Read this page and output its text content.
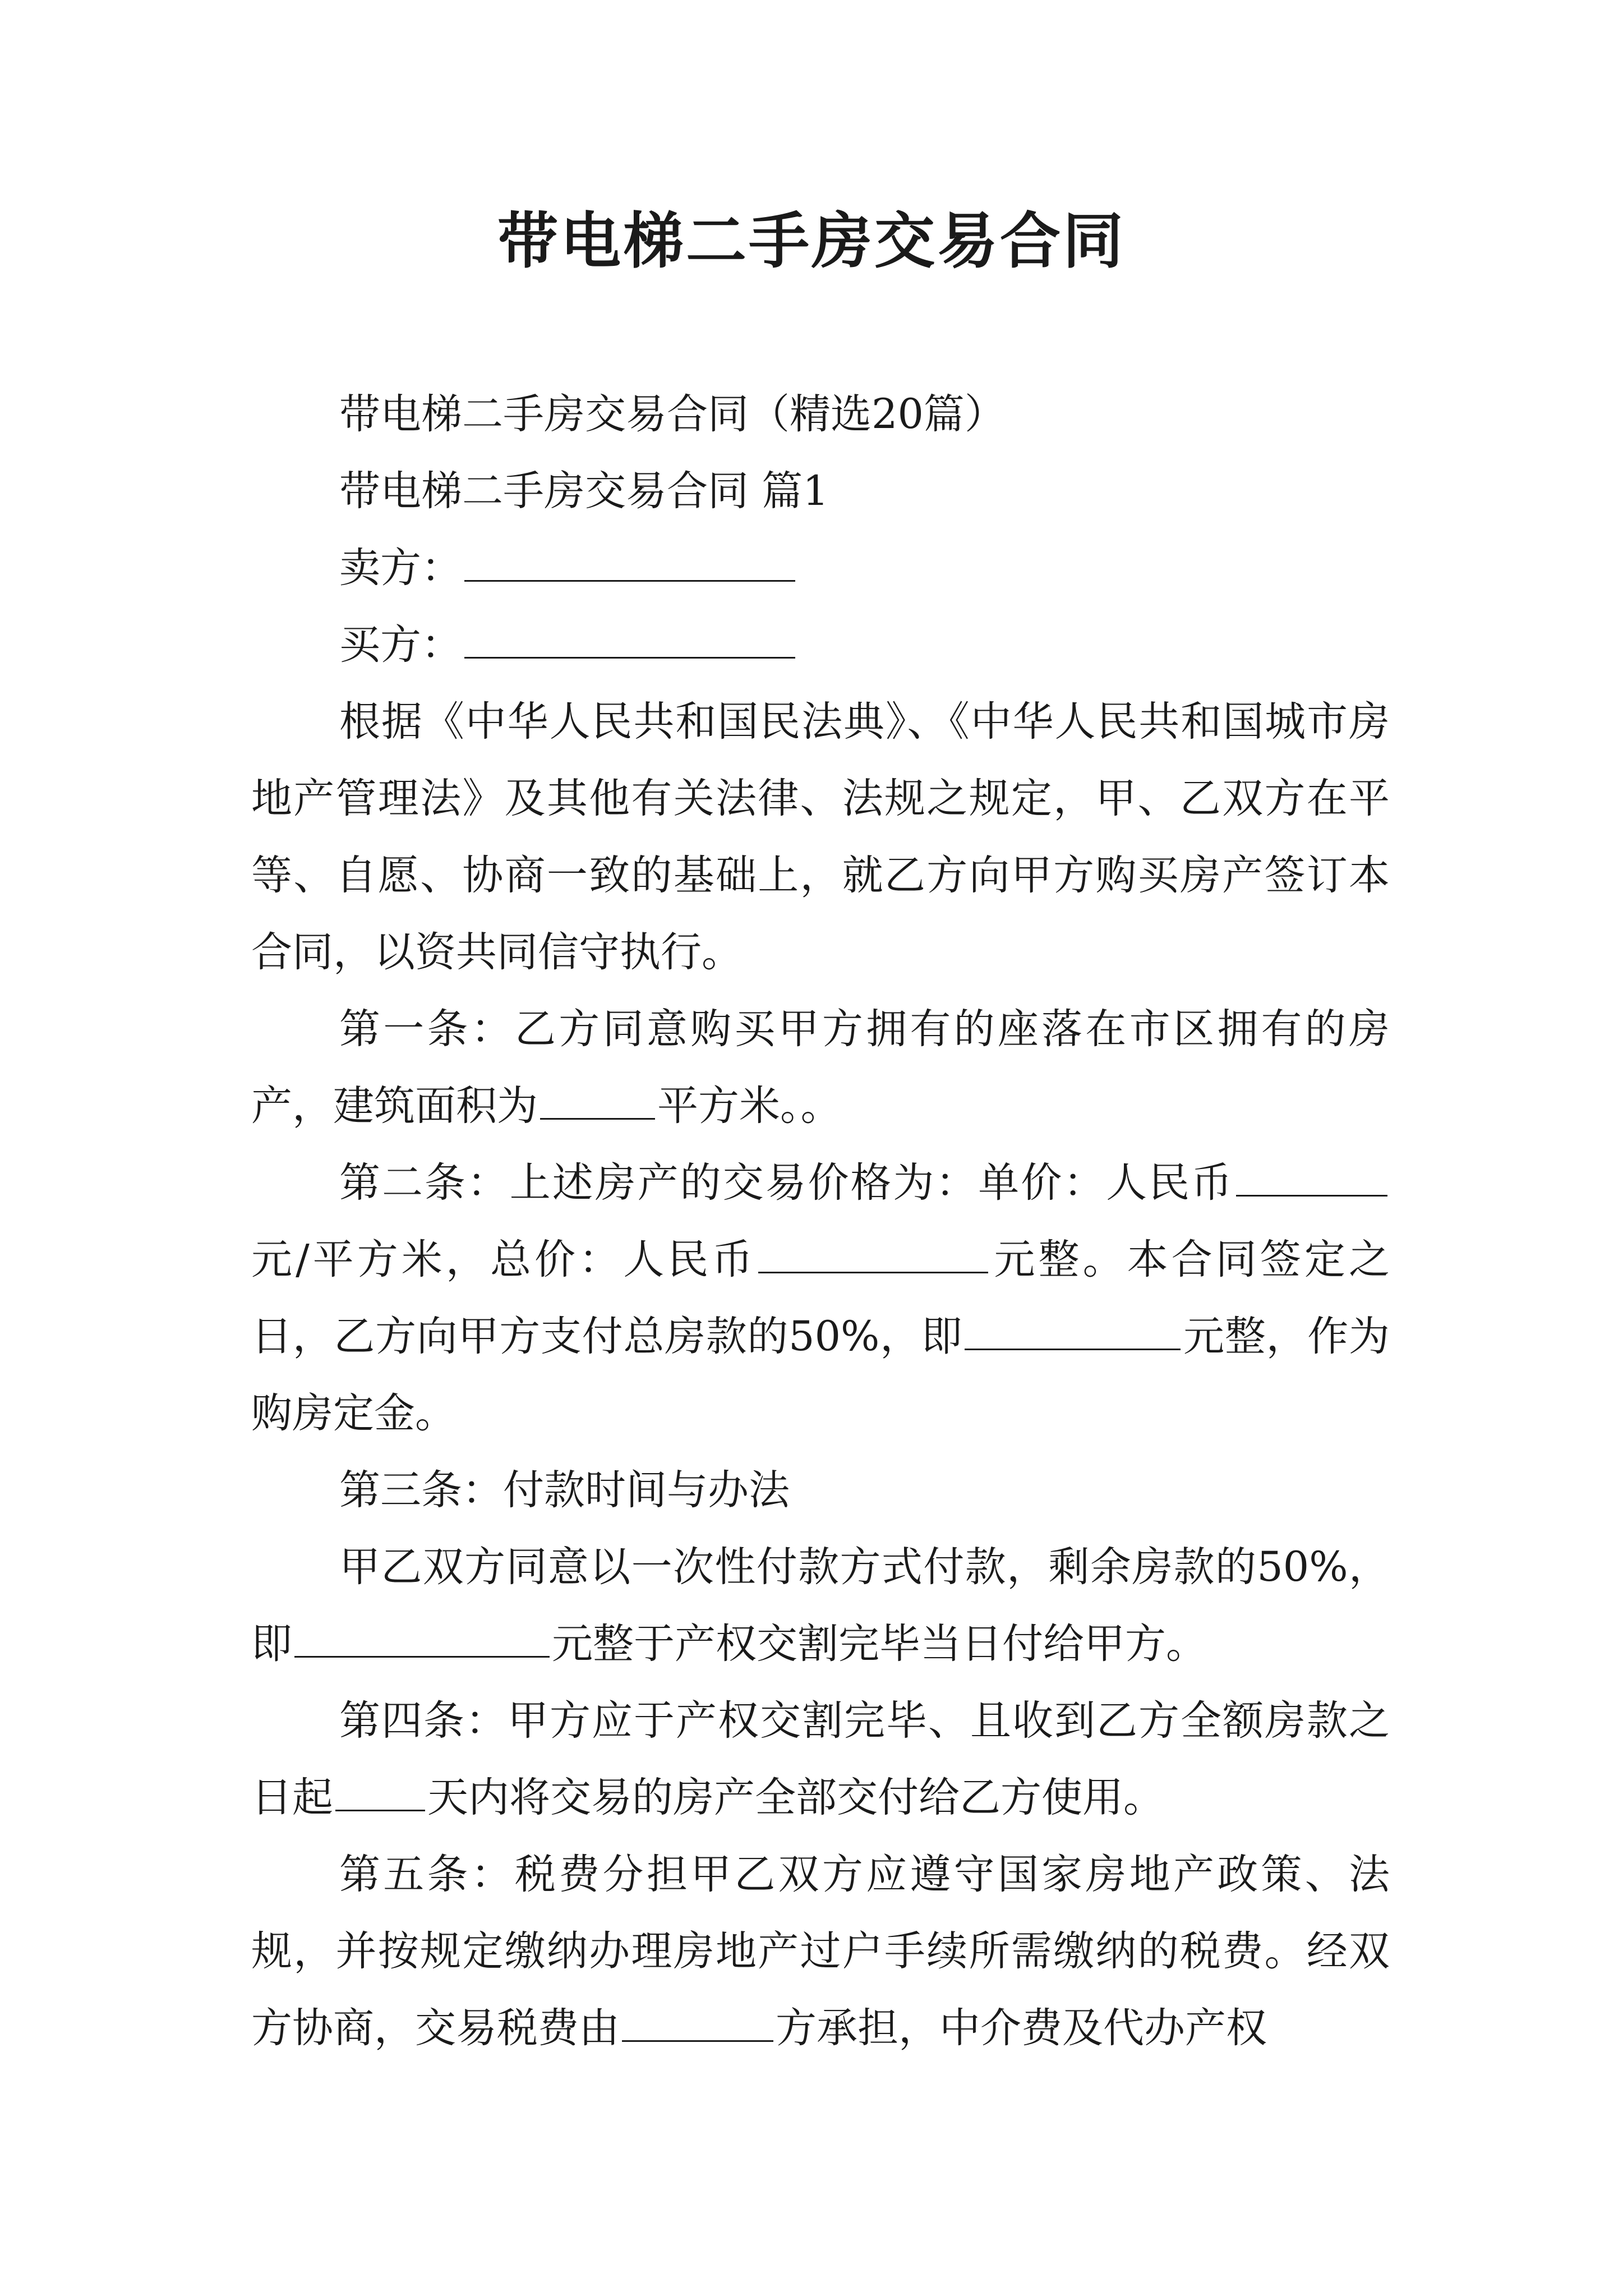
带电梯二手房交易合同

带电梯二手房交易合同（精选20篇）

带电梯二手房交易合同 篇1

卖方：

买方：

根据《中华人民共和国民法典》、《中华人民共和国城市房地产管理法》及其他有关法律、法规之规定，甲、乙双方在平等、自愿、协商一致的基础上，就乙方向甲方购买房产签订本合同，以资共同信守执行。

第一条：乙方同意购买甲方拥有的座落在市区拥有的房产，建筑面积为	平方米。。

第二条：上述房产的交易价格为：单价：人民币元/平方米，总价：人民币	元整。本合同签定之日，乙方向甲方支付总房款的50%，即	元整，作为购房定金。

第三条：付款时间与办法

甲乙双方同意以一次性付款方式付款，剩余房款的50%，即	元整于产权交割完毕当日付给甲方。

第四条：甲方应于产权交割完毕、且收到乙方全额房款之日起 天内将交易的房产全部交付给乙方使用。

第五条：税费分担甲乙双方应遵守国家房地产政策、法规，并按规定缴纳办理房地产过户手续所需缴纳的税费。经双方协商，交易税费由	方承担，中介费及代办产权
